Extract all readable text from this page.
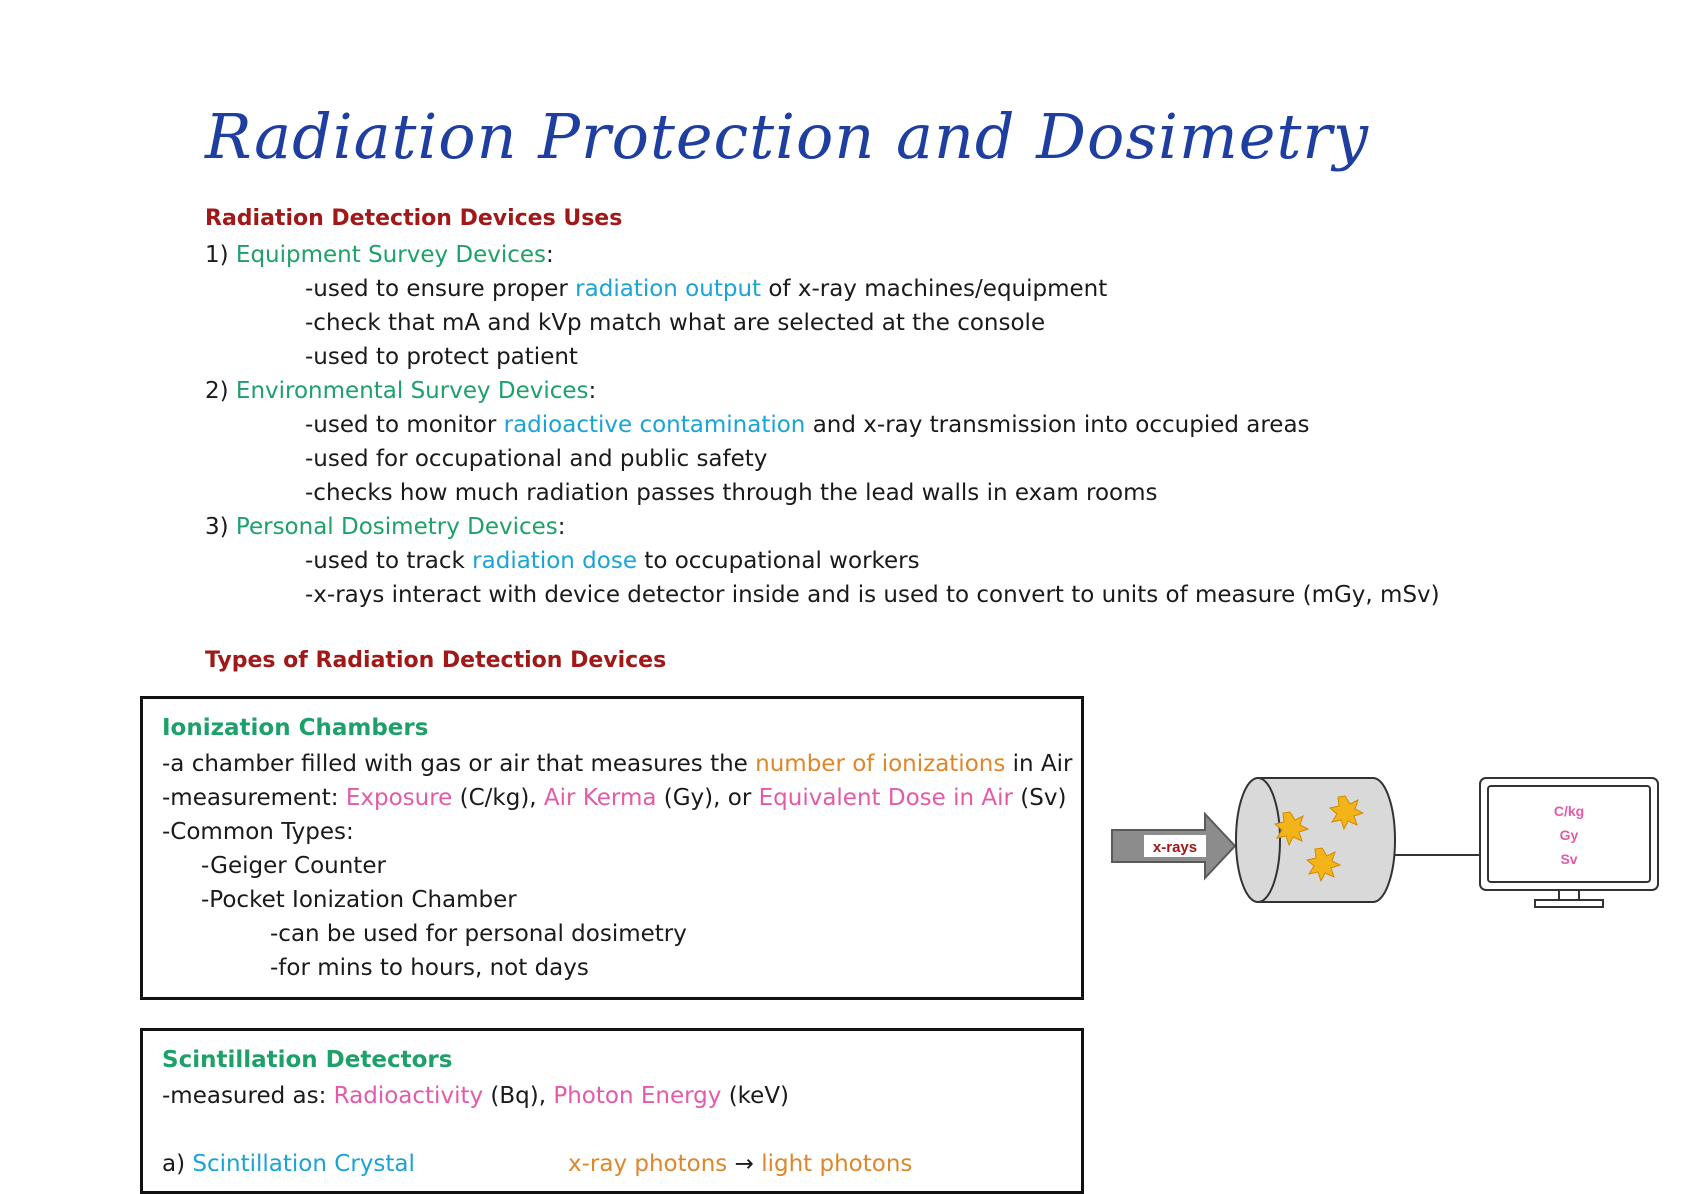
Radiation Protection and Dosimetry
Radiation Detection Devices Uses
1) Equipment Survey Devices:
-used to ensure proper radiation output of x-ray machines/equipment
-check that mA and kVp match what are selected at the console
-used to protect patient
2) Environmental Survey Devices:
-used to monitor radioactive contamination and x-ray transmission into occupied areas
-used for occupational and public safety
-checks how much radiation passes through the lead walls in exam rooms
3) Personal Dosimetry Devices:
-used to track radiation dose to occupational workers
-x-rays interact with device detector inside and is used to convert to units of measure (mGy, mSv)
Types of Radiation Detection Devices
Ionization Chambers
-a chamber filled with gas or air that measures the number of ionizations in Air
-measurement: Exposure (C/kg), Air Kerma (Gy), or Equivalent Dose in Air (Sv)
-Common Types:
-Geiger Counter
-Pocket Ionization Chamber
-can be used for personal dosimetry
-for mins to hours, not days
Scintillation Detectors
-measured as: Radioactivity (Bq), Photon Energy (keV)
a) Scintillation Crystal	x-ray photons → light photons
x-rays
C/kg
Gy
Sv
